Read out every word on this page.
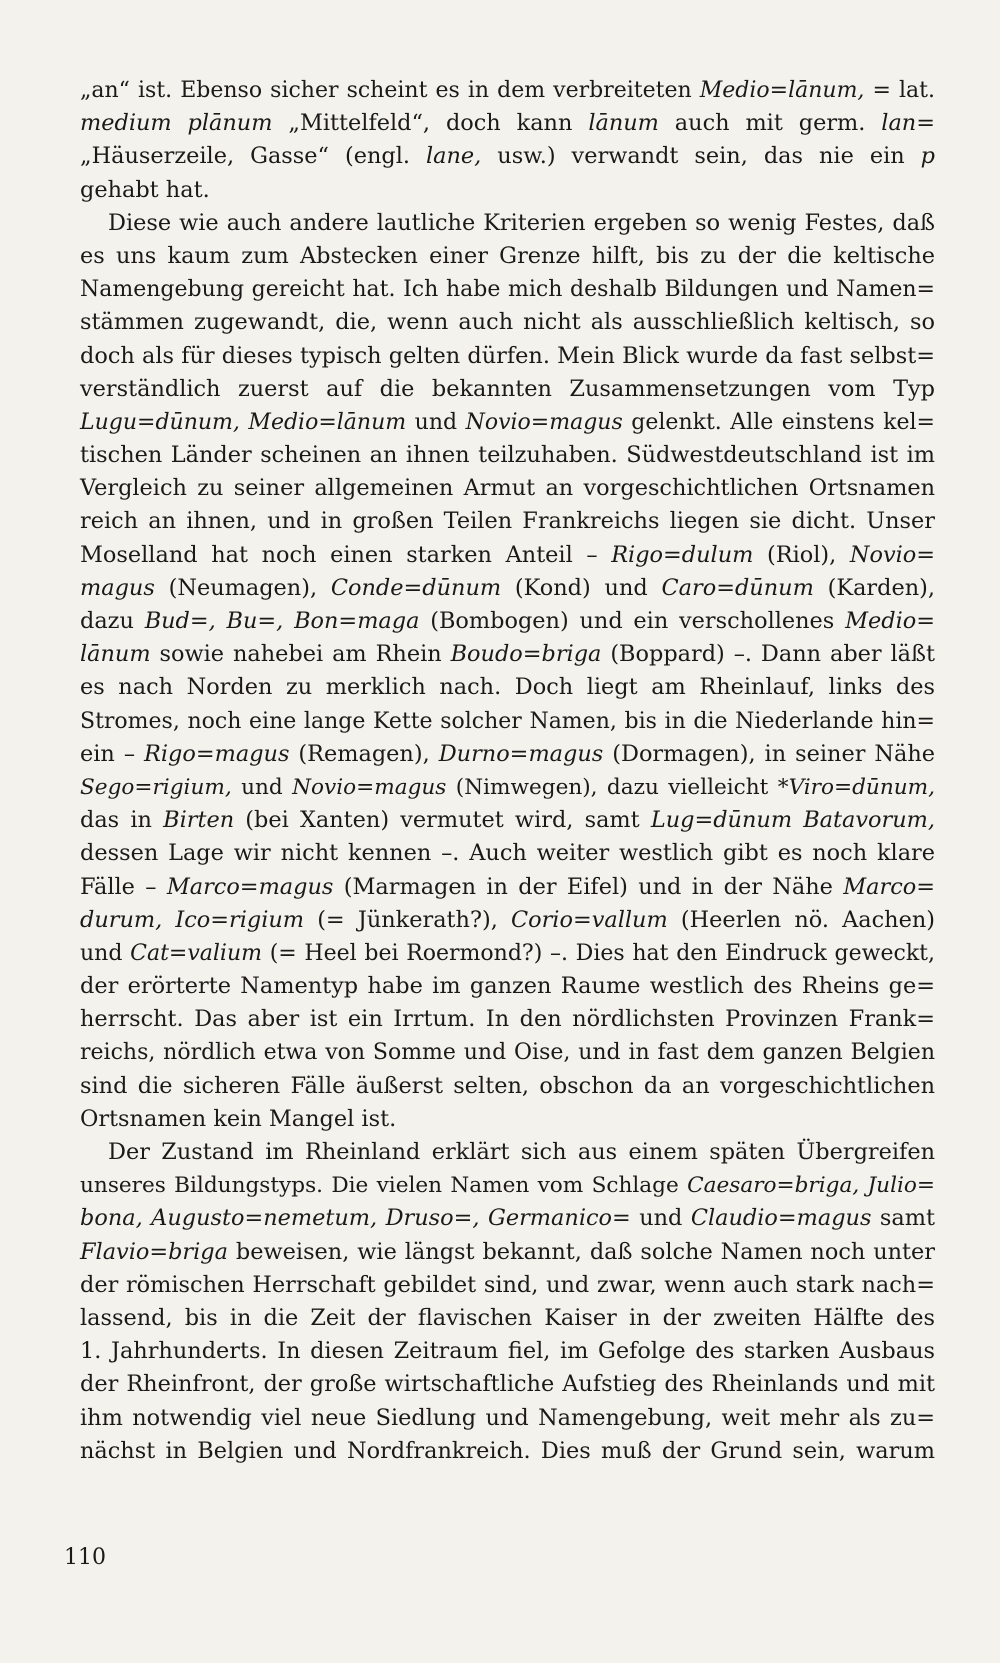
„an“ ist. Ebenso sicher scheint es in dem verbreiteten Medio=lānum, = lat.
medium plānum „Mittelfeld“, doch kann lānum auch mit germ. lan=
„Häuserzeile, Gasse“ (engl. lane, usw.) verwandt sein, das nie ein p
gehabt hat.
Diese wie auch andere lautliche Kriterien ergeben so wenig Festes, daß
es uns kaum zum Abstecken einer Grenze hilft, bis zu der die keltische
Namengebung gereicht hat. Ich habe mich deshalb Bildungen und Namen=
stämmen zugewandt, die, wenn auch nicht als ausschließlich keltisch, so
doch als für dieses typisch gelten dürfen. Mein Blick wurde da fast selbst=
verständlich zuerst auf die bekannten Zusammensetzungen vom Typ
Lugu=dūnum, Medio=lānum und Novio=magus gelenkt. Alle einstens kel=
tischen Länder scheinen an ihnen teilzuhaben. Südwestdeutschland ist im
Vergleich zu seiner allgemeinen Armut an vorgeschichtlichen Ortsnamen
reich an ihnen, und in großen Teilen Frankreichs liegen sie dicht. Unser
Moselland hat noch einen starken Anteil – Rigo=dulum (Riol), Novio=
magus (Neumagen), Conde=dūnum (Kond) und Caro=dūnum (Karden),
dazu Bud=, Bu=, Bon=maga (Bombogen) und ein verschollenes Medio=
lānum sowie nahebei am Rhein Boudo=briga (Boppard) –. Dann aber läßt
es nach Norden zu merklich nach. Doch liegt am Rheinlauf, links des
Stromes, noch eine lange Kette solcher Namen, bis in die Niederlande hin=
ein – Rigo=magus (Remagen), Durno=magus (Dormagen), in seiner Nähe
Sego=rigium, und Novio=magus (Nimwegen), dazu vielleicht *Viro=dūnum,
das in Birten (bei Xanten) vermutet wird, samt Lug=dūnum Batavorum,
dessen Lage wir nicht kennen –. Auch weiter westlich gibt es noch klare
Fälle – Marco=magus (Marmagen in der Eifel) und in der Nähe Marco=
durum, Ico=rigium (= Jünkerath?), Corio=vallum (Heerlen nö. Aachen)
und Cat=valium (= Heel bei Roermond?) –. Dies hat den Eindruck geweckt,
der erörterte Namentyp habe im ganzen Raume westlich des Rheins ge=
herrscht. Das aber ist ein Irrtum. In den nördlichsten Provinzen Frank=
reichs, nördlich etwa von Somme und Oise, und in fast dem ganzen Belgien
sind die sicheren Fälle äußerst selten, obschon da an vorgeschichtlichen
Ortsnamen kein Mangel ist.
Der Zustand im Rheinland erklärt sich aus einem späten Übergreifen
unseres Bildungstyps. Die vielen Namen vom Schlage Caesaro=briga, Julio=
bona, Augusto=nemetum, Druso=, Germanico= und Claudio=magus samt
Flavio=briga beweisen, wie längst bekannt, daß solche Namen noch unter
der römischen Herrschaft gebildet sind, und zwar, wenn auch stark nach=
lassend, bis in die Zeit der flavischen Kaiser in der zweiten Hälfte des
1. Jahrhunderts. In diesen Zeitraum fiel, im Gefolge des starken Ausbaus
der Rheinfront, der große wirtschaftliche Aufstieg des Rheinlands und mit
ihm notwendig viel neue Siedlung und Namengebung, weit mehr als zu=
nächst in Belgien und Nordfrankreich. Dies muß der Grund sein, warum
110
